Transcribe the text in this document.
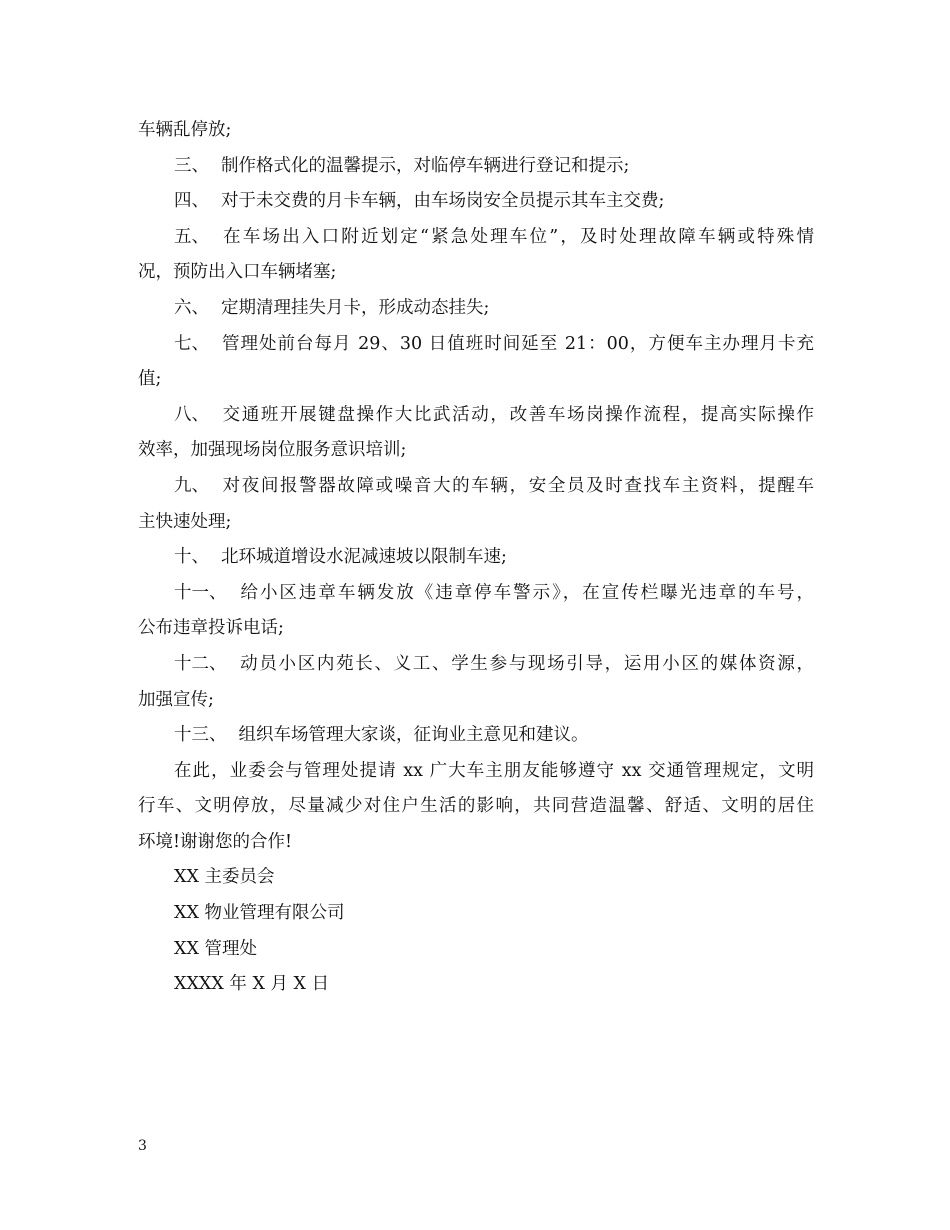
车辆乱停放;
三、 制作格式化的温馨提示，对临停车辆进行登记和提示;
四、 对于未交费的月卡车辆，由车场岗安全员提示其车主交费;
五、 在车场出入口附近划定“紧急处理车位”，及时处理故障车辆或特殊情
况，预防出入口车辆堵塞;
六、 定期清理挂失月卡，形成动态挂失;
七、 管理处前台每月 29、30 日值班时间延至 21：00，方便车主办理月卡充
值;
八、 交通班开展键盘操作大比武活动，改善车场岗操作流程，提高实际操作
效率，加强现场岗位服务意识培训;
九、 对夜间报警器故障或噪音大的车辆，安全员及时查找车主资料，提醒车
主快速处理;
十、 北环城道增设水泥减速坡以限制车速;
十一、 给小区违章车辆发放《违章停车警示》，在宣传栏曝光违章的车号，
公布违章投诉电话;
十二、 动员小区内苑长、义工、学生参与现场引导，运用小区的媒体资源，
加强宣传;
十三、 组织车场管理大家谈，征询业主意见和建议。
在此，业委会与管理处提请 xx 广大车主朋友能够遵守 xx 交通管理规定，文明
行车、文明停放，尽量减少对住户生活的影响，共同营造温馨、舒适、文明的居住
环境!谢谢您的合作!
XX 主委员会
XX 物业管理有限公司
XX 管理处
XXXX 年 X 月 X 日
3
